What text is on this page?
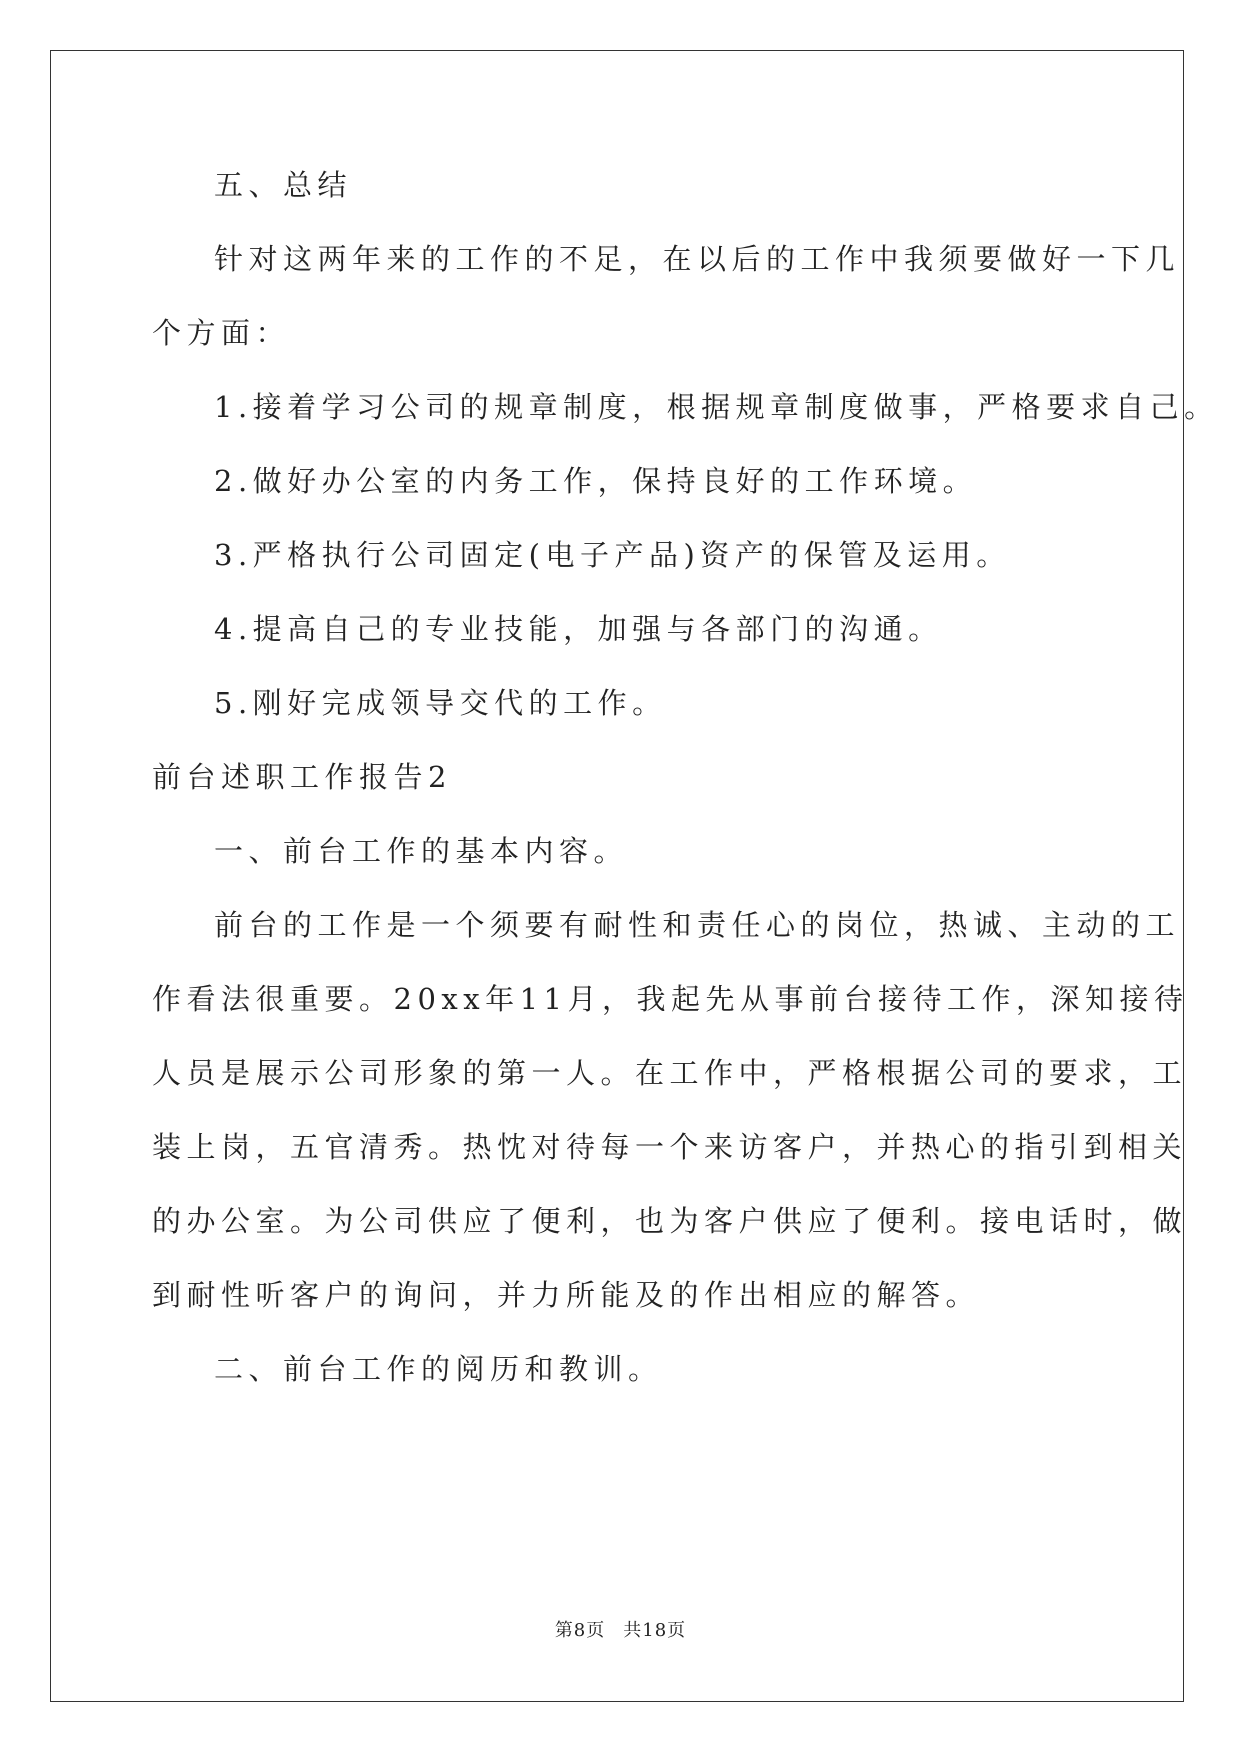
五、总结
针对这两年来的工作的不足，在以后的工作中我须要做好一下几
个方面：
1.接着学习公司的规章制度，根据规章制度做事，严格要求自己。
2.做好办公室的内务工作，保持良好的工作环境。
3.严格执行公司固定(电子产品)资产的保管及运用。
4.提高自己的专业技能，加强与各部门的沟通。
5.刚好完成领导交代的工作。
前台述职工作报告2
一、前台工作的基本内容。
前台的工作是一个须要有耐性和责任心的岗位，热诚、主动的工
作看法很重要。20xx年11月，我起先从事前台接待工作，深知接待
人员是展示公司形象的第一人。在工作中，严格根据公司的要求，工
装上岗，五官清秀。热忱对待每一个来访客户，并热心的指引到相关
的办公室。为公司供应了便利，也为客户供应了便利。接电话时，做
到耐性听客户的询问，并力所能及的作出相应的解答。
二、前台工作的阅历和教训。
第8页 共18页
